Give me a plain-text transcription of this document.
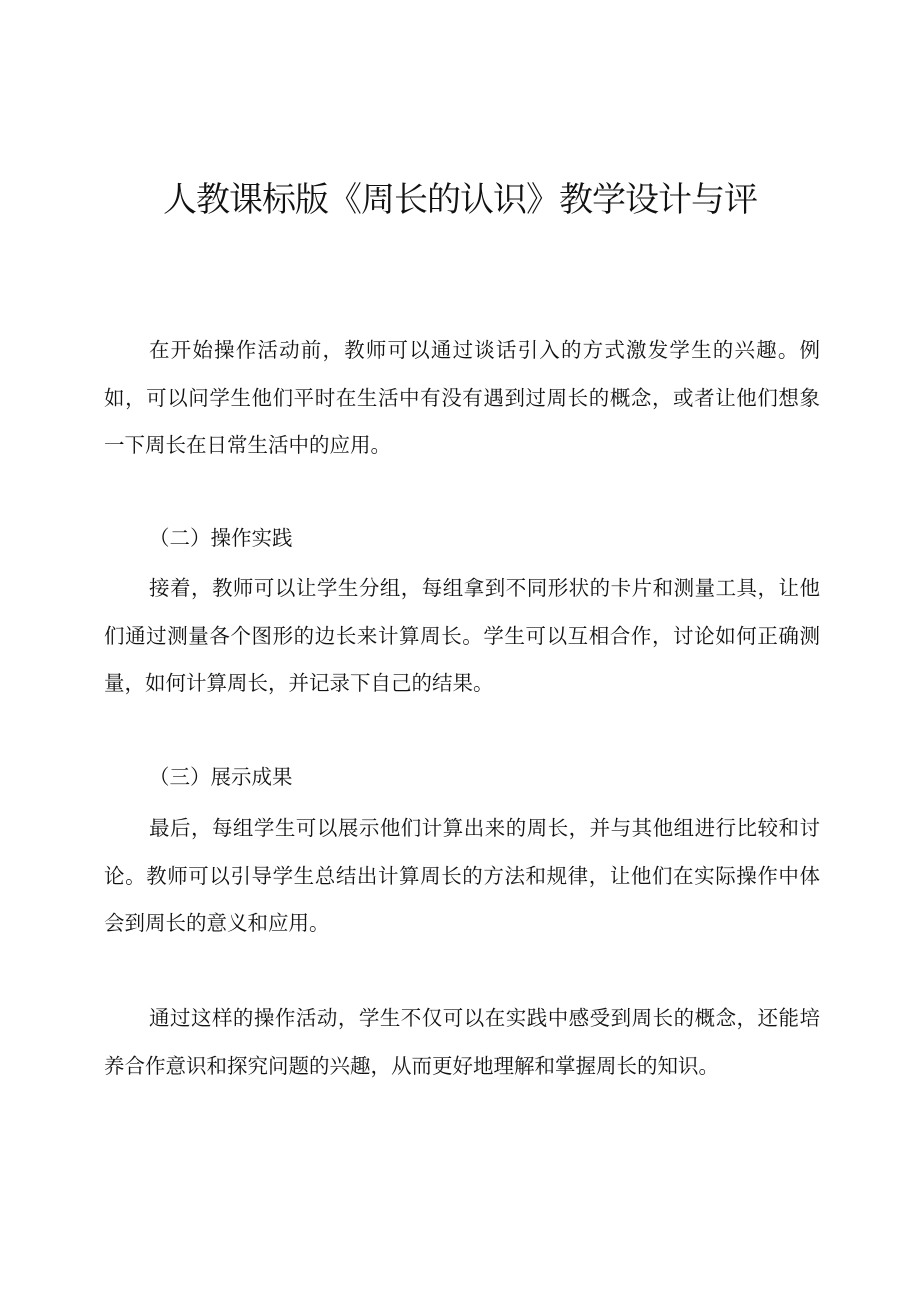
人教课标版《周长的认识》教学设计与评

在开始操作活动前，教师可以通过谈话引入的方式激发学生的兴趣。例如，可以问学生他们平时在生活中有没有遇到过周长的概念，或者让他们想象一下周长在日常生活中的应用。

（二）操作实践

接着，教师可以让学生分组，每组拿到不同形状的卡片和测量工具，让他们通过测量各个图形的边长来计算周长。学生可以互相合作，讨论如何正确测量，如何计算周长，并记录下自己的结果。

（三）展示成果

最后，每组学生可以展示他们计算出来的周长，并与其他组进行比较和讨论。教师可以引导学生总结出计算周长的方法和规律，让他们在实际操作中体会到周长的意义和应用。

通过这样的操作活动，学生不仅可以在实践中感受到周长的概念，还能培养合作意识和探究问题的兴趣，从而更好地理解和掌握周长的知识。
